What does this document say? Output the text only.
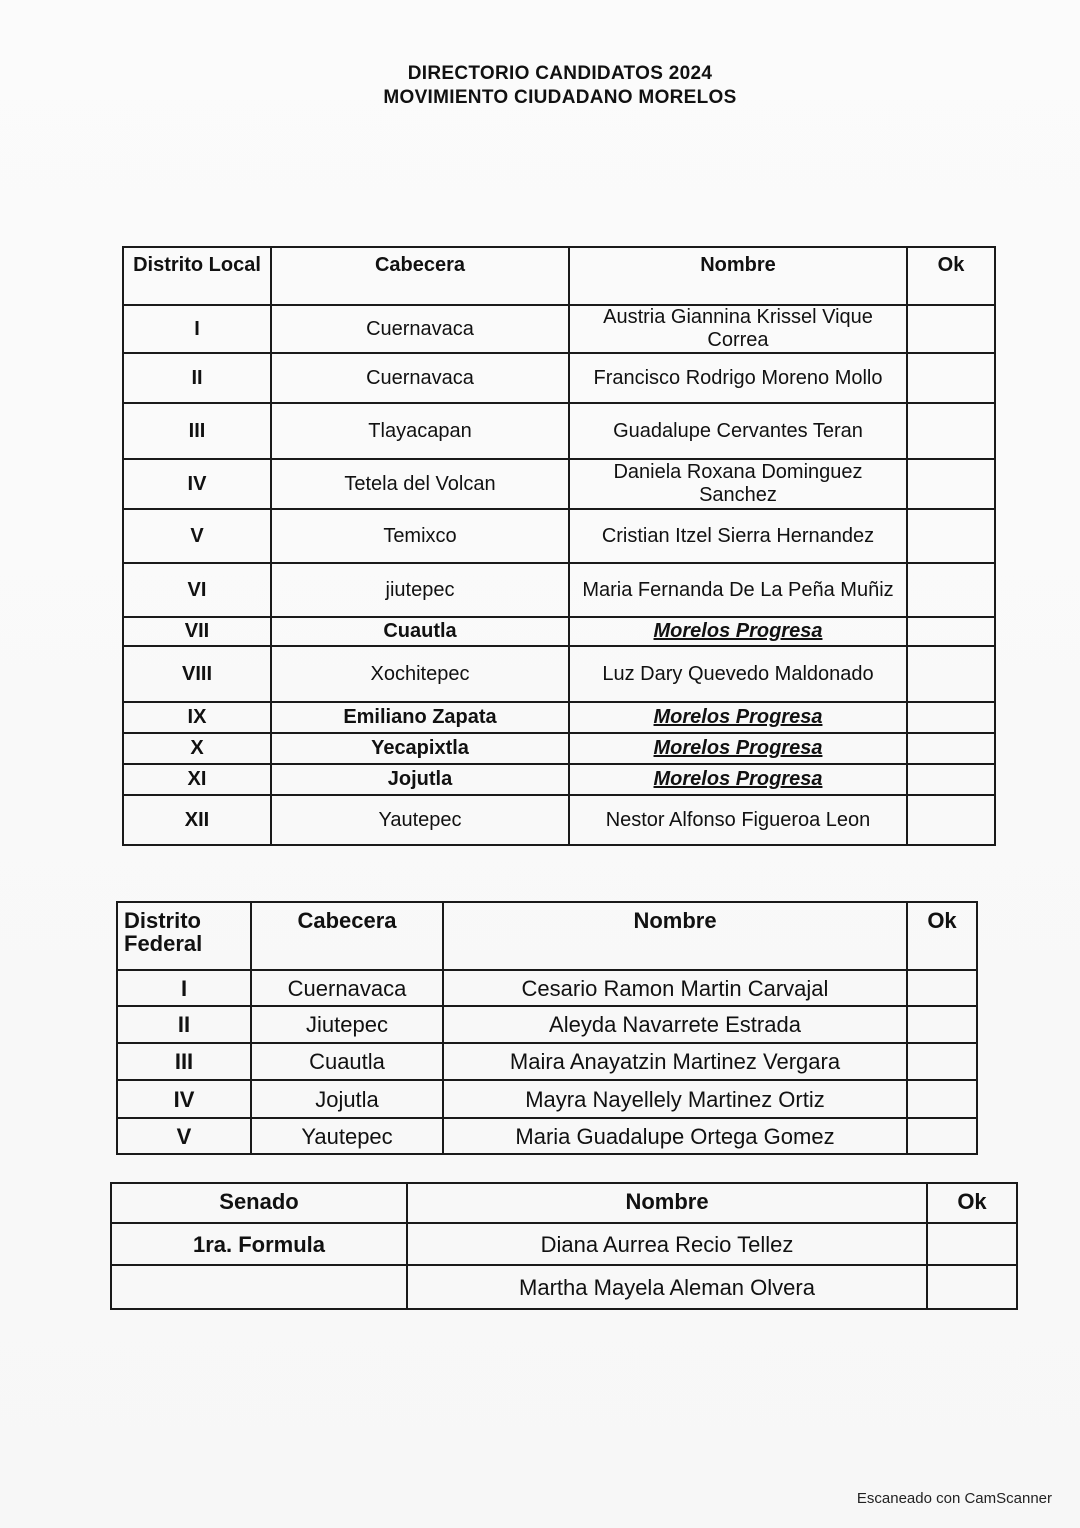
DIRECTORIO CANDIDATOS 2024
MOVIMIENTO CIUDADANO MORELOS
Distrito Local	Cabecera	Nombre	Ok
I	Cuernavaca	Austria Giannina Krissel Vique Correa	
II	Cuernavaca	Francisco Rodrigo Moreno Mollo	
III	Tlayacapan	Guadalupe Cervantes Teran	
IV	Tetela del Volcan	Daniela Roxana Dominguez Sanchez	
V	Temixco	Cristian Itzel Sierra Hernandez	
VI	jiutepec	Maria Fernanda De La Peña Muñiz	
VII	Cuautla	Morelos Progresa	
VIII	Xochitepec	Luz Dary Quevedo Maldonado	
IX	Emiliano Zapata	Morelos Progresa	
X	Yecapixtla	Morelos Progresa	
XI	Jojutla	Morelos Progresa	
XII	Yautepec	Nestor Alfonso Figueroa Leon	
Distrito Federal	Cabecera	Nombre	Ok
I	Cuernavaca	Cesario Ramon Martin Carvajal	
II	Jiutepec	Aleyda Navarrete Estrada	
III	Cuautla	Maira Anayatzin Martinez Vergara	
IV	Jojutla	Mayra Nayellely Martinez Ortiz	
V	Yautepec	Maria Guadalupe Ortega Gomez	
Senado	Nombre	Ok
1ra. Formula	Diana Aurrea Recio Tellez	
	Martha Mayela Aleman Olvera	
Escaneado con CamScanner
